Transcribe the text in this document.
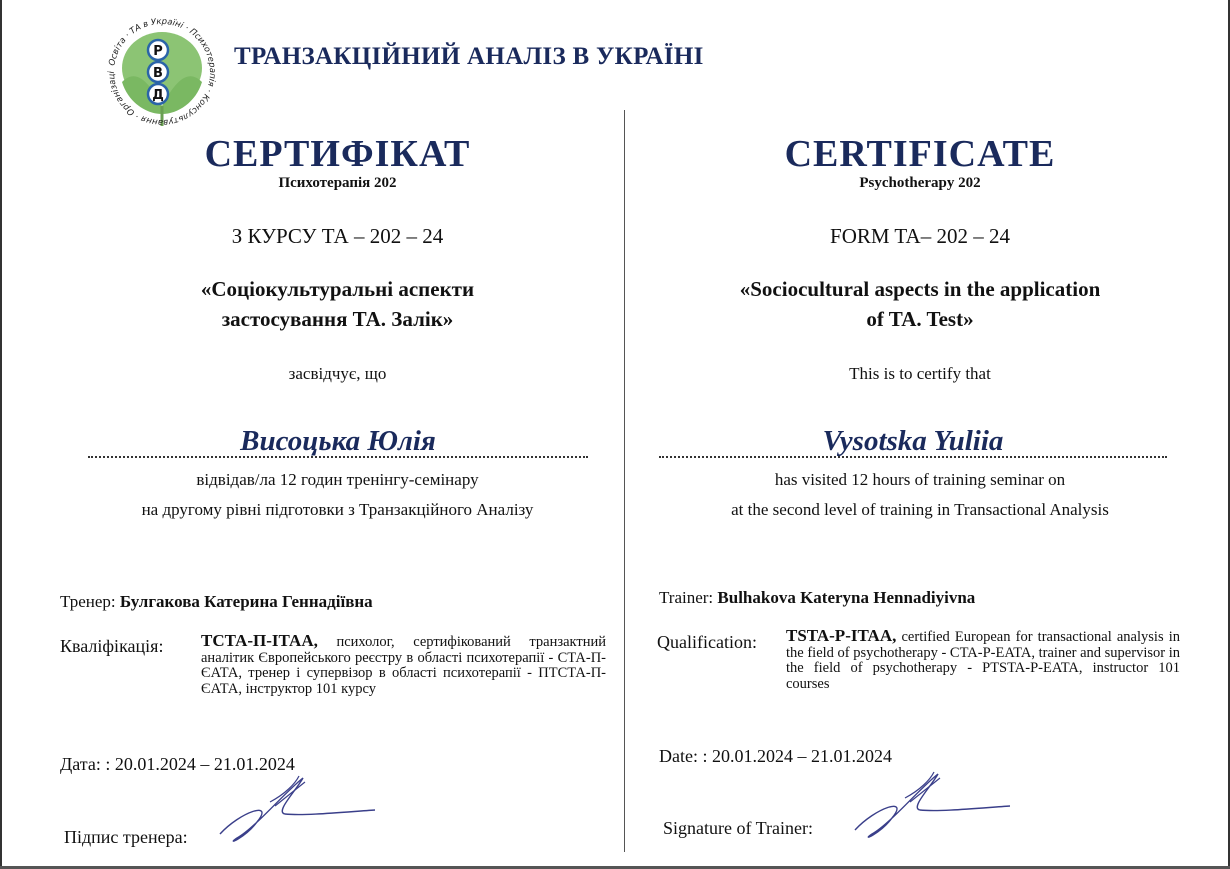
Освіта · ТА в Україні · Психотерапія · Консультування · Організаці
Р
В
Д
ТРАНЗАКЦІЙНИЙ АНАЛІЗ В УКРАЇНІ
СЕРТИФІКАТ
Психотерапія 202
З КУРСУ ТА – 202 – 24
«Соціокультуральні аспекти
застосування ТА. Залік»
засвідчує, що
Висоцька Юлія
відвідав/ла 12 годин тренінгу-семінару
на другому рівні підготовки з Транзакційного Аналізу
Тренер: Булгакова Катерина Геннадіївна
Кваліфікація: ТСТА-П-ІТАА, психолог, сертифікований транзактний аналітик Європейського реєстру в області психотерапії - СТА-П-ЄАТА, тренер і супервізор в області психотерапії - ПТСТА-П-ЄАТА, інструктор 101 курсу
Дата: : 20.01.2024 – 21.01.2024
Підпис тренера:
CERTIFICATE
Psychotherapy 202
FORM TA– 202 – 24
«Sociocultural aspects in the application
of TA. Test»
This is to certify that
Vysotska Yuliia
has visited 12 hours of training seminar on
at the second level of training in Transactional Analysis
Trainer: Bulhakova Kateryna Hennadiyivna
Qualification: TSTA-P-ITAA, certified European for transactional analysis in the field of psychotherapy - CTA-P-EATA, trainer and supervisor in the field of psychotherapy - PTSTA-P-EATA, instructor 101 courses
Date: : 20.01.2024 – 21.01.2024
Signature of Trainer:
